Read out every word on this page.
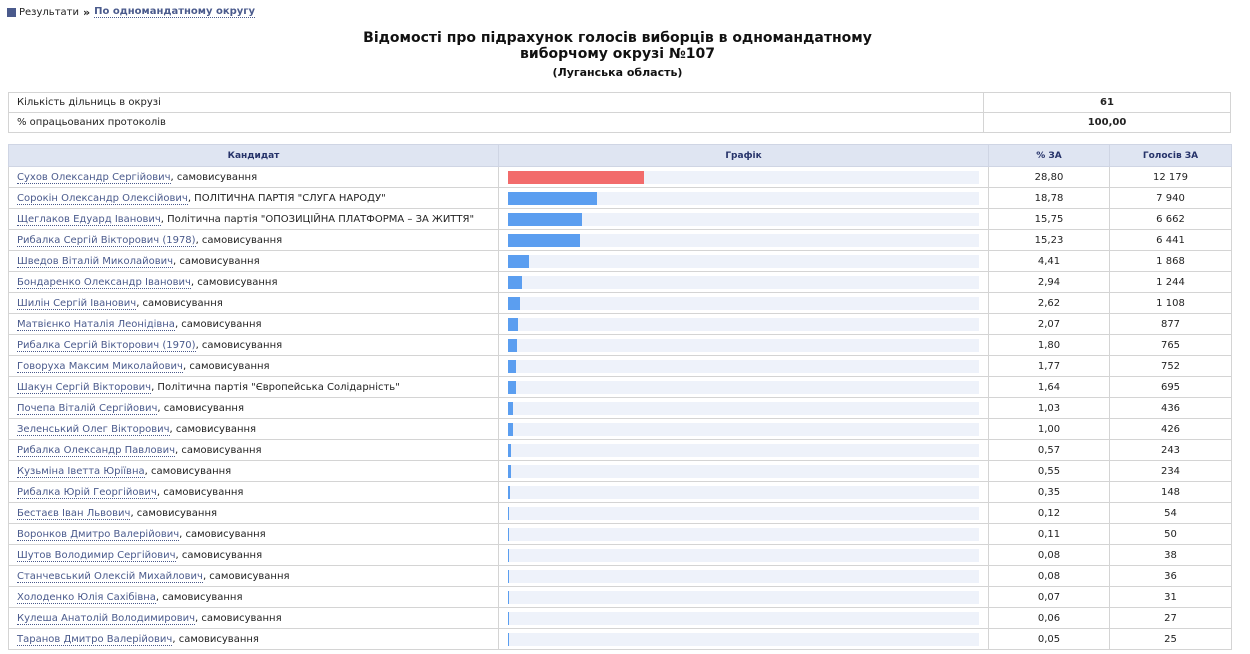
Результати » По одномандатному округу
Відомості про підрахунок голосів виборців в одномандатному
виборчому окрузі №107
(Луганська область)
Кількість дільниць в окрузі	61
% опрацьованих протоколів	100,00
Кандидат	Графік	% ЗА	Голосів ЗА
Сухов Олександр Сергійович, самовисування		28,80	12 179
Сорокін Олександр Олексійович, ПОЛІТИЧНА ПАРТІЯ "СЛУГА НАРОДУ"		18,78	7 940
Щеглаков Едуард Іванович, Політична партія "ОПОЗИЦІЙНА ПЛАТФОРМА – ЗА ЖИТТЯ"		15,75	6 662
Рибалка Сергій Вікторович (1978), самовисування		15,23	6 441
Шведов Віталій Миколайович, самовисування		4,41	1 868
Бондаренко Олександр Іванович, самовисування		2,94	1 244
Шилін Сергій Іванович, самовисування		2,62	1 108
Матвієнко Наталія Леонідівна, самовисування		2,07	877
Рибалка Сергій Вікторович (1970), самовисування		1,80	765
Говоруха Максим Миколайович, самовисування		1,77	752
Шакун Сергій Вікторович, Політична партія "Європейська Солідарність"		1,64	695
Почепа Віталій Сергійович, самовисування		1,03	436
Зеленський Олег Вікторович, самовисування		1,00	426
Рибалка Олександр Павлович, самовисування		0,57	243
Кузьміна Іветта Юріївна, самовисування		0,55	234
Рибалка Юрій Георгійович, самовисування		0,35	148
Бестаєв Іван Львович, самовисування		0,12	54
Воронков Дмитро Валерійович, самовисування		0,11	50
Шутов Володимир Сергійович, самовисування		0,08	38
Станчевський Олексій Михайлович, самовисування		0,08	36
Холоденко Юлія Сахібівна, самовисування		0,07	31
Кулеша Анатолій Володимирович, самовисування		0,06	27
Таранов Дмитро Валерійович, самовисування		0,05	25
